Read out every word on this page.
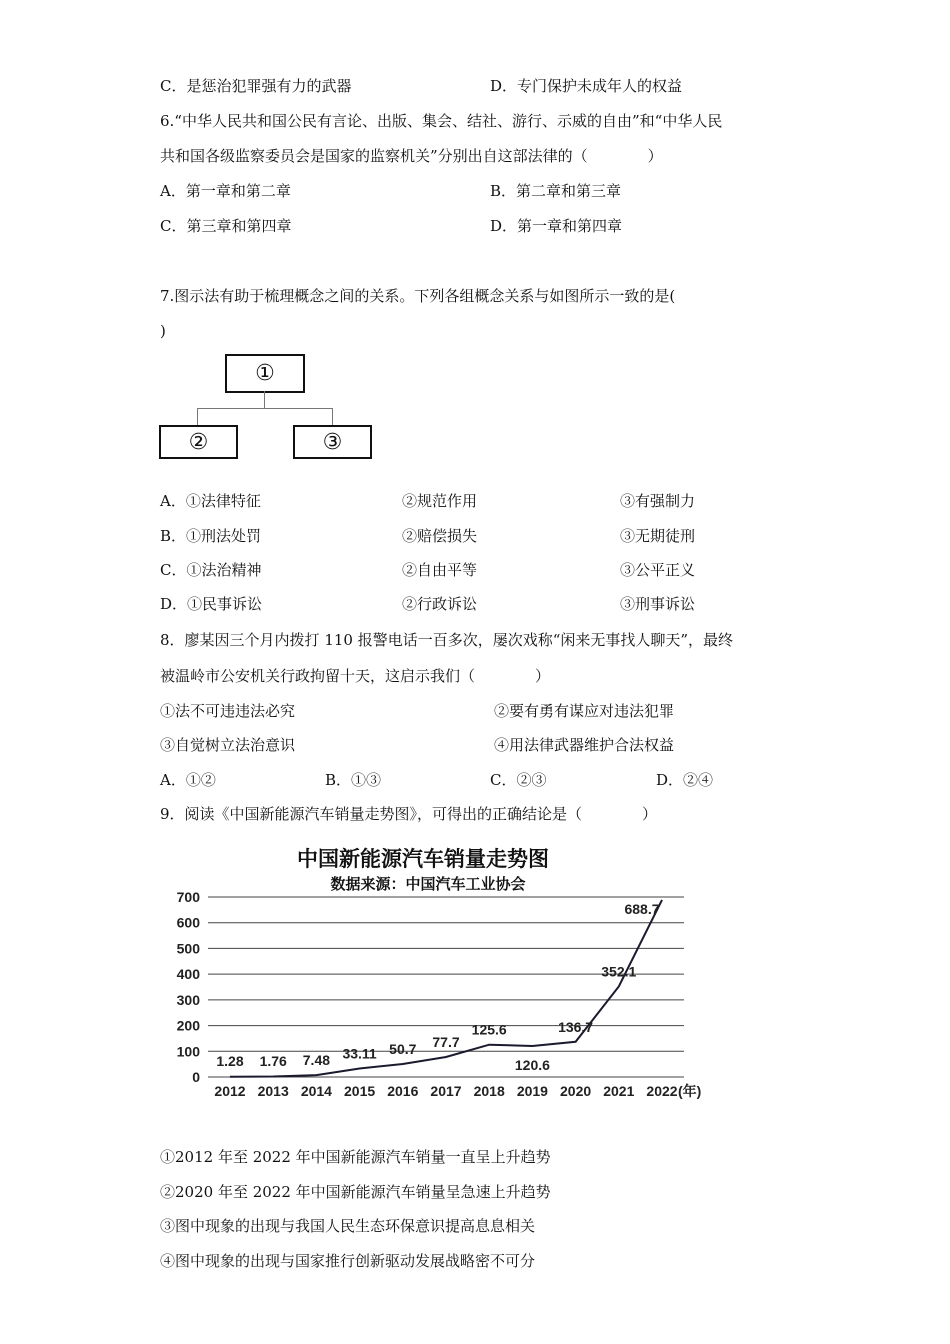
C．是惩治犯罪强有力的武器	D．专门保护未成年人的权益
6.“中华人民共和国公民有言论、出版、集会、结社、游行、示威的自由”和“中华人民
共和国各级监察委员会是国家的监察机关”分别出自这部法律的（　　　　）
A．第一章和第二章	B．第二章和第三章
C．第三章和第四章	D．第一章和第四章
7.图示法有助于梳理概念之间的关系。下列各组概念关系与如图所示一致的是(
)
①
②	③
A．①法律特征	②规范作用	③有强制力
B．①刑法处罚	②赔偿损失	③无期徒刑
C．①法治精神	②自由平等	③公平正义
D．①民事诉讼	②行政诉讼	③刑事诉讼
8．廖某因三个月内拨打 110 报警电话一百多次，屡次戏称“闲来无事找人聊天”，最终
被温岭市公安机关行政拘留十天，这启示我们（　　　　）
①法不可违违法必究	②要有勇有谋应对违法犯罪
③自觉树立法治意识	④用法律武器维护合法权益
A．①②	B．①③	C．②③	D．②④
9．阅读《中国新能源汽车销量走势图》，可得出的正确结论是（　　　　）
中国新能源汽车销量走势图
数据来源：中国汽车工业协会
0
100
200
300
400
500
600
700
2012 2013 2014 2015 2016 2017 2018 2019 2020 2021 2022
1.28 1.76 7.48 33.11 50.7 77.7
125.6
120.6
136.7
352.1
688.7
(年)
①2012 年至 2022 年中国新能源汽车销量一直呈上升趋势
②2020 年至 2022 年中国新能源汽车销量呈急速上升趋势
③图中现象的出现与我国人民生态环保意识提高息息相关
④图中现象的出现与国家推行创新驱动发展战略密不可分
